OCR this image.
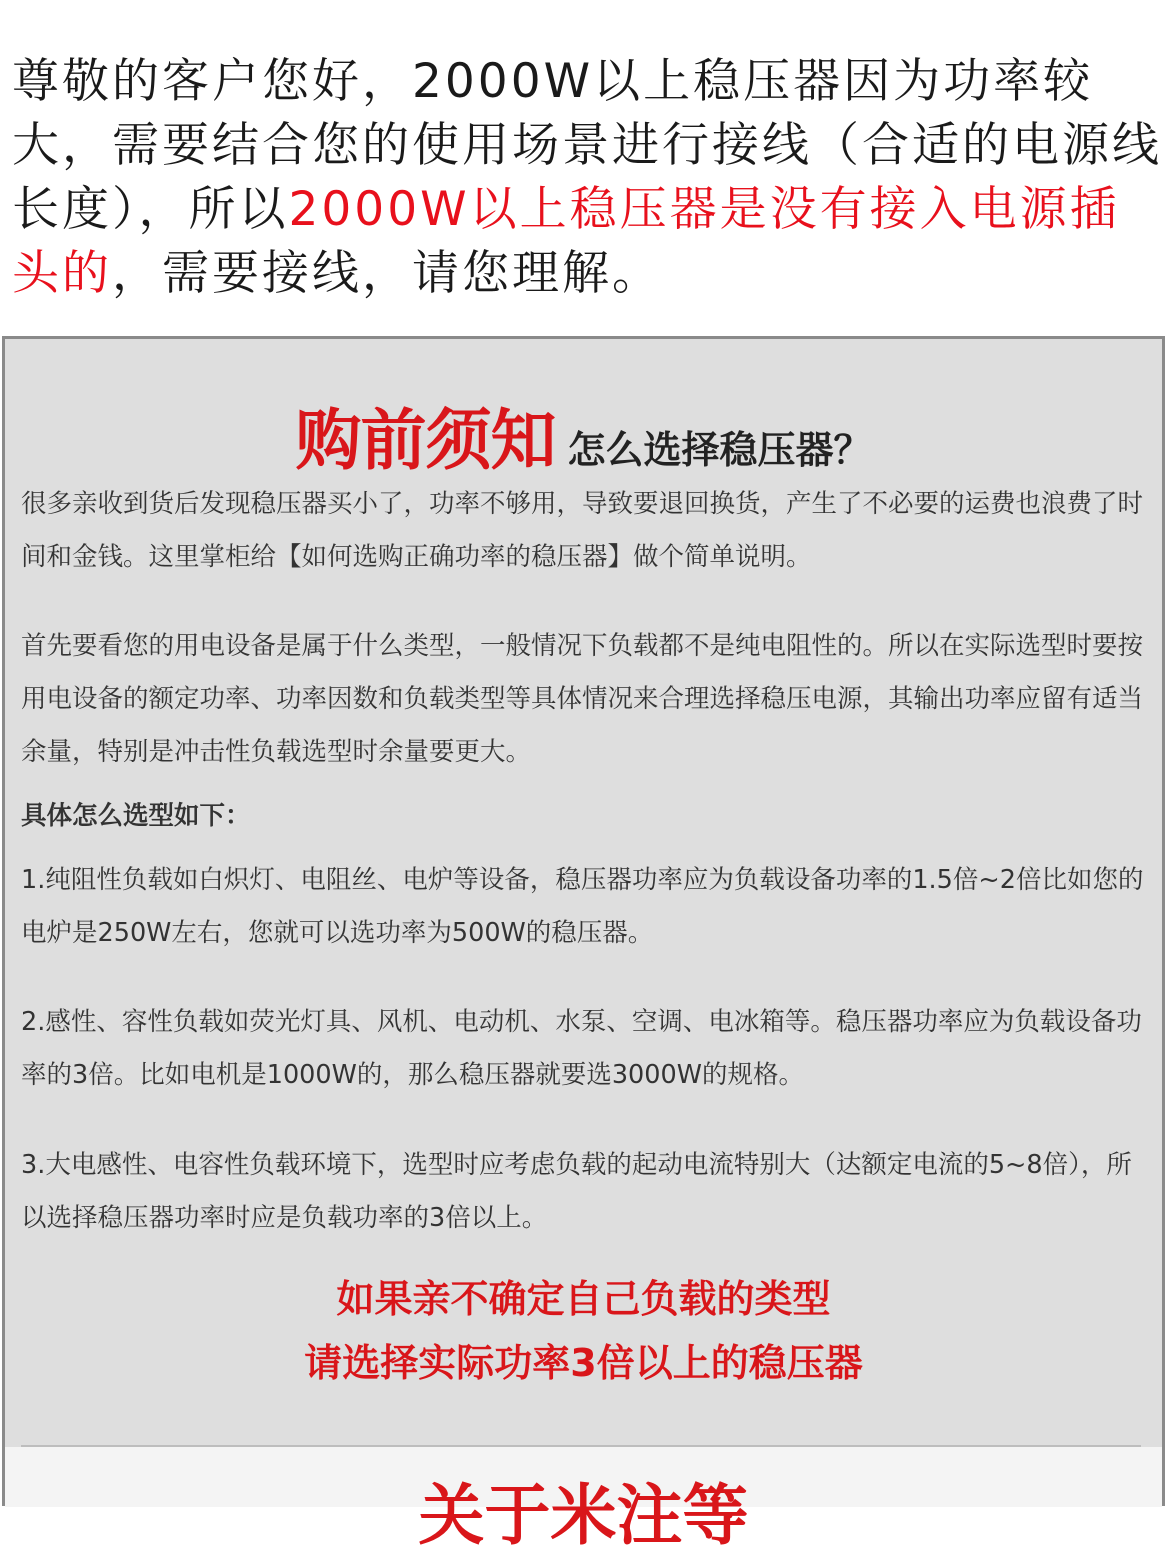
尊敬的客户您好，2000W以上稳压器因为功率较大，需要结合您的使用场景进行接线（合适的电源线长度），所以2000W以上稳压器是没有接入电源插头的，需要接线，请您理解。

购前须知 怎么选择稳压器？

很多亲收到货后发现稳压器买小了，功率不够用，导致要退回换货，产生了不必要的运费也浪费了时间和金钱。这里掌柜给【如何选购正确功率的稳压器】做个简单说明。

首先要看您的用电设备是属于什么类型，一般情况下负载都不是纯电阻性的。所以在实际选型时要按用电设备的额定功率、功率因数和负载类型等具体情况来合理选择稳压电源，其输出功率应留有适当余量，特别是冲击性负载选型时余量要更大。

具体怎么选型如下：

1.纯阻性负载如白炽灯、电阻丝、电炉等设备，稳压器功率应为负载设备功率的1.5倍~2倍比如您的电炉是250W左右，您就可以选功率为500W的稳压器。

2.感性、容性负载如荧光灯具、风机、电动机、水泵、空调、电冰箱等。稳压器功率应为负载设备功率的3倍。比如电机是1000W的，那么稳压器就要选3000W的规格。

3.大电感性、电容性负载环境下，选型时应考虑负载的起动电流特别大（达额定电流的5~8倍），所以选择稳压器功率时应是负载功率的3倍以上。

如果亲不确定自己负载的类型

请选择实际功率3倍以上的稳压器

关于米注等
